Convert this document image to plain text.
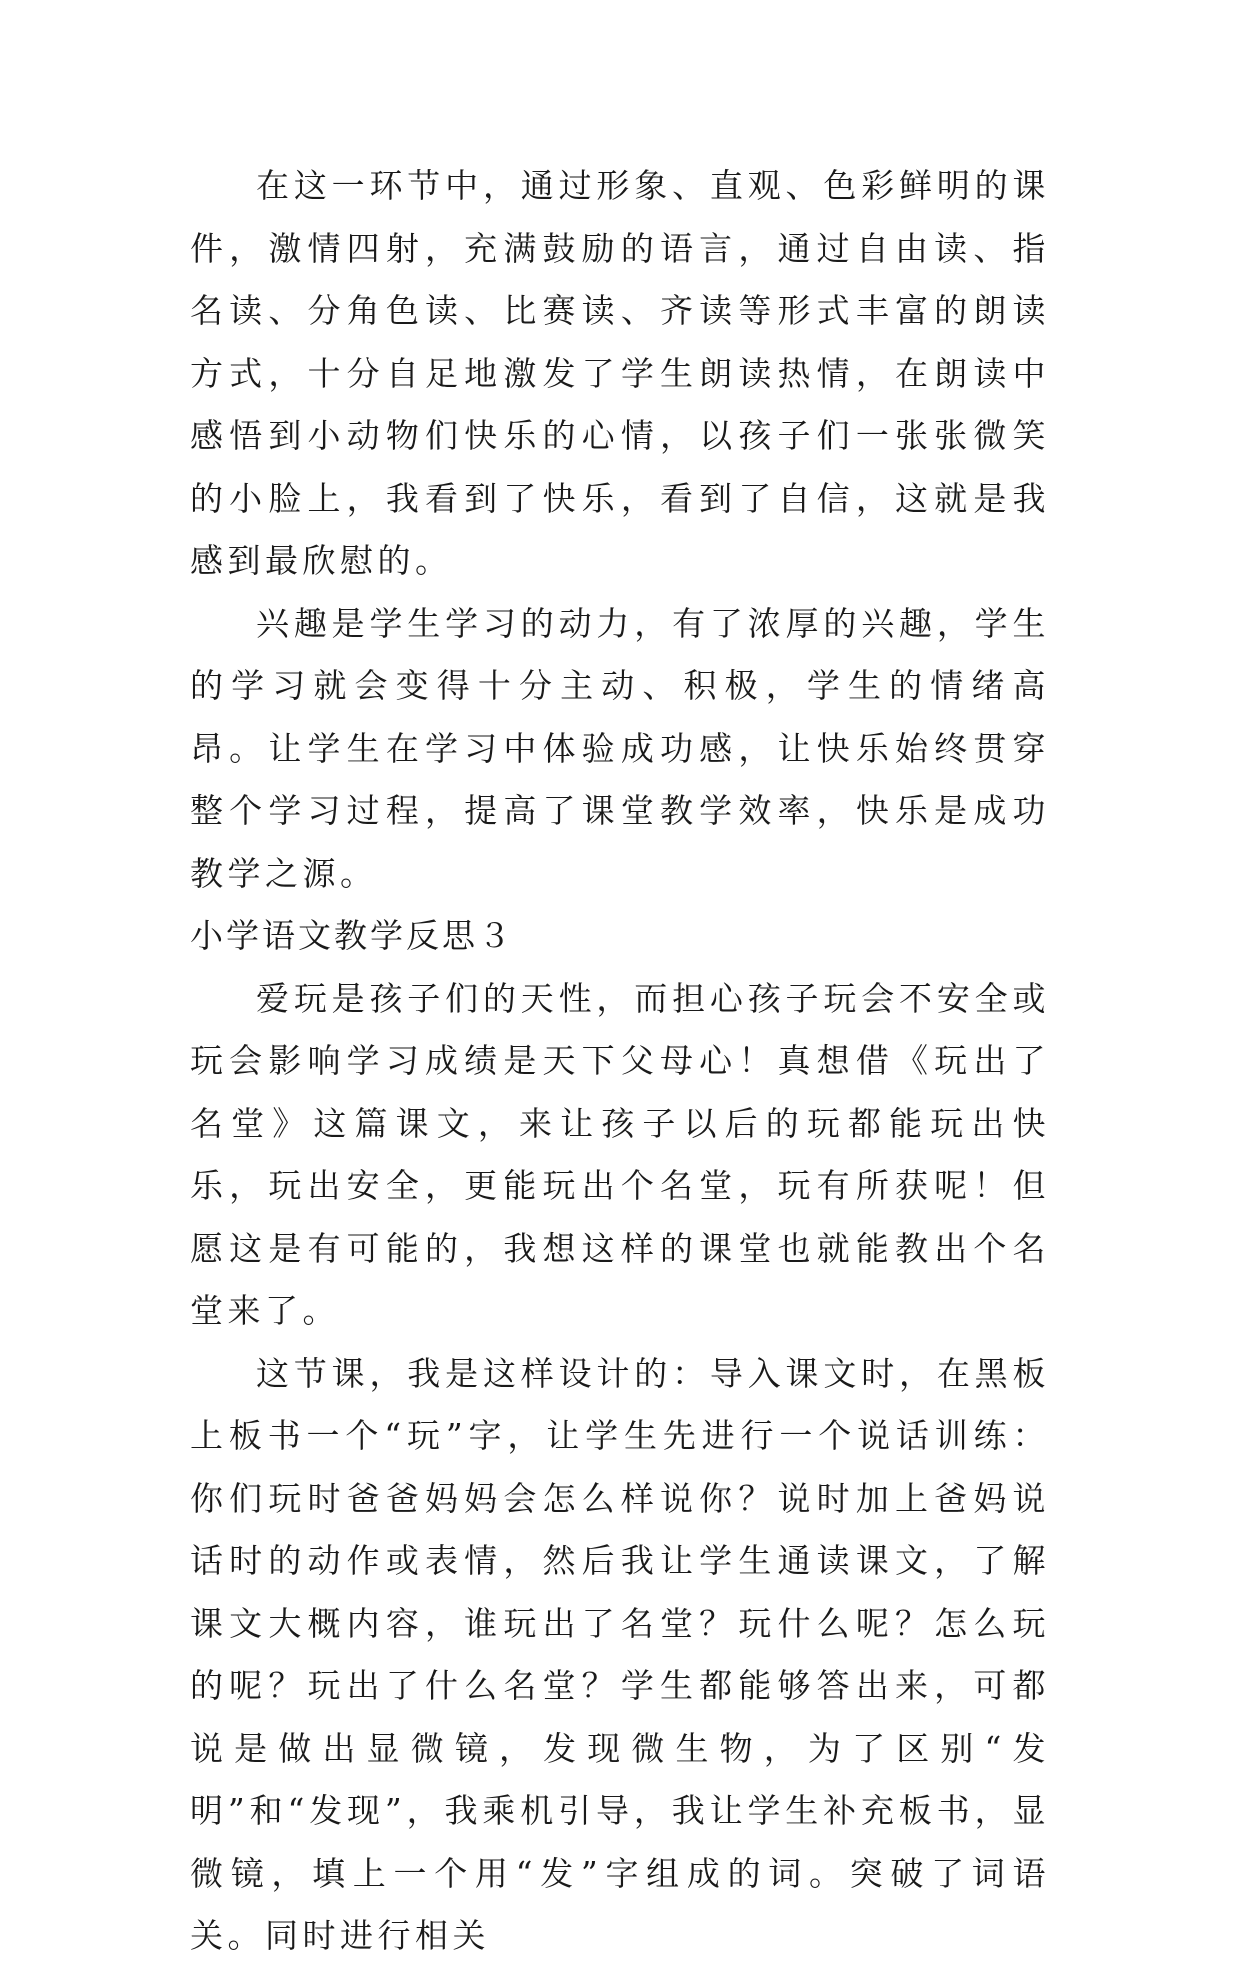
在这一环节中，通过形象、直观、色彩鲜明的课件，激情四射，充满鼓励的语言，通过自由读、指名读、分角色读、比赛读、齐读等形式丰富的朗读方式，十分自足地激发了学生朗读热情，在朗读中感悟到小动物们快乐的心情，以孩子们一张张微笑的小脸上，我看到了快乐，看到了自信，这就是我感到最欣慰的。

兴趣是学生学习的动力，有了浓厚的兴趣，学生的学习就会变得十分主动、积极，学生的情绪高昂。让学生在学习中体验成功感，让快乐始终贯穿整个学习过程，提高了课堂教学效率，快乐是成功教学之源。

小学语文教学反思３

爱玩是孩子们的天性，而担心孩子玩会不安全或玩会影响学习成绩是天下父母心！真想借《玩出了名堂》这篇课文，来让孩子以后的玩都能玩出快乐，玩出安全，更能玩出个名堂，玩有所获呢！但愿这是有可能的，我想这样的课堂也就能教出个名堂来了。

这节课，我是这样设计的：导入课文时，在黑板上板书一个“玩”字，让学生先进行一个说话训练：你们玩时爸爸妈妈会怎么样说你？说时加上爸妈说话时的动作或表情，然后我让学生通读课文，了解课文大概内容，谁玩出了名堂？玩什么呢？怎么玩的呢？玩出了什么名堂？学生都能够答出来，可都说是做出显微镜，发现微生物，为了区别“发明”和“发现”，我乘机引导，我让学生补充板书，显微镜，填上一个用“发”字组成的词。突破了词语关。同时进行相关
